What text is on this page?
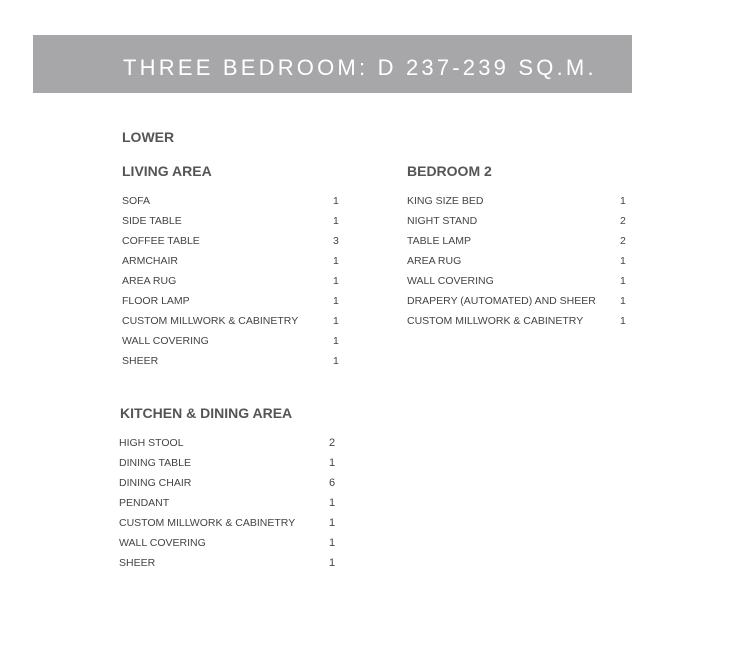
THREE BEDROOM: D 237-239 SQ.M.
LOWER
LIVING AREA
SOFA	1
SIDE TABLE	1
COFFEE TABLE	3
ARMCHAIR	1
AREA RUG	1
FLOOR LAMP	1
CUSTOM MILLWORK & CABINETRY	1
WALL COVERING	1
SHEER	1
BEDROOM 2
KING SIZE BED	1
NIGHT STAND	2
TABLE LAMP	2
AREA RUG	1
WALL COVERING	1
DRAPERY (AUTOMATED) AND SHEER 1
CUSTOM MILLWORK & CABINETRY	1
KITCHEN & DINING AREA
HIGH STOOL	2
DINING TABLE	1
DINING CHAIR	6
PENDANT	1
CUSTOM MILLWORK & CABINETRY	1
WALL COVERING	1
SHEER	1
